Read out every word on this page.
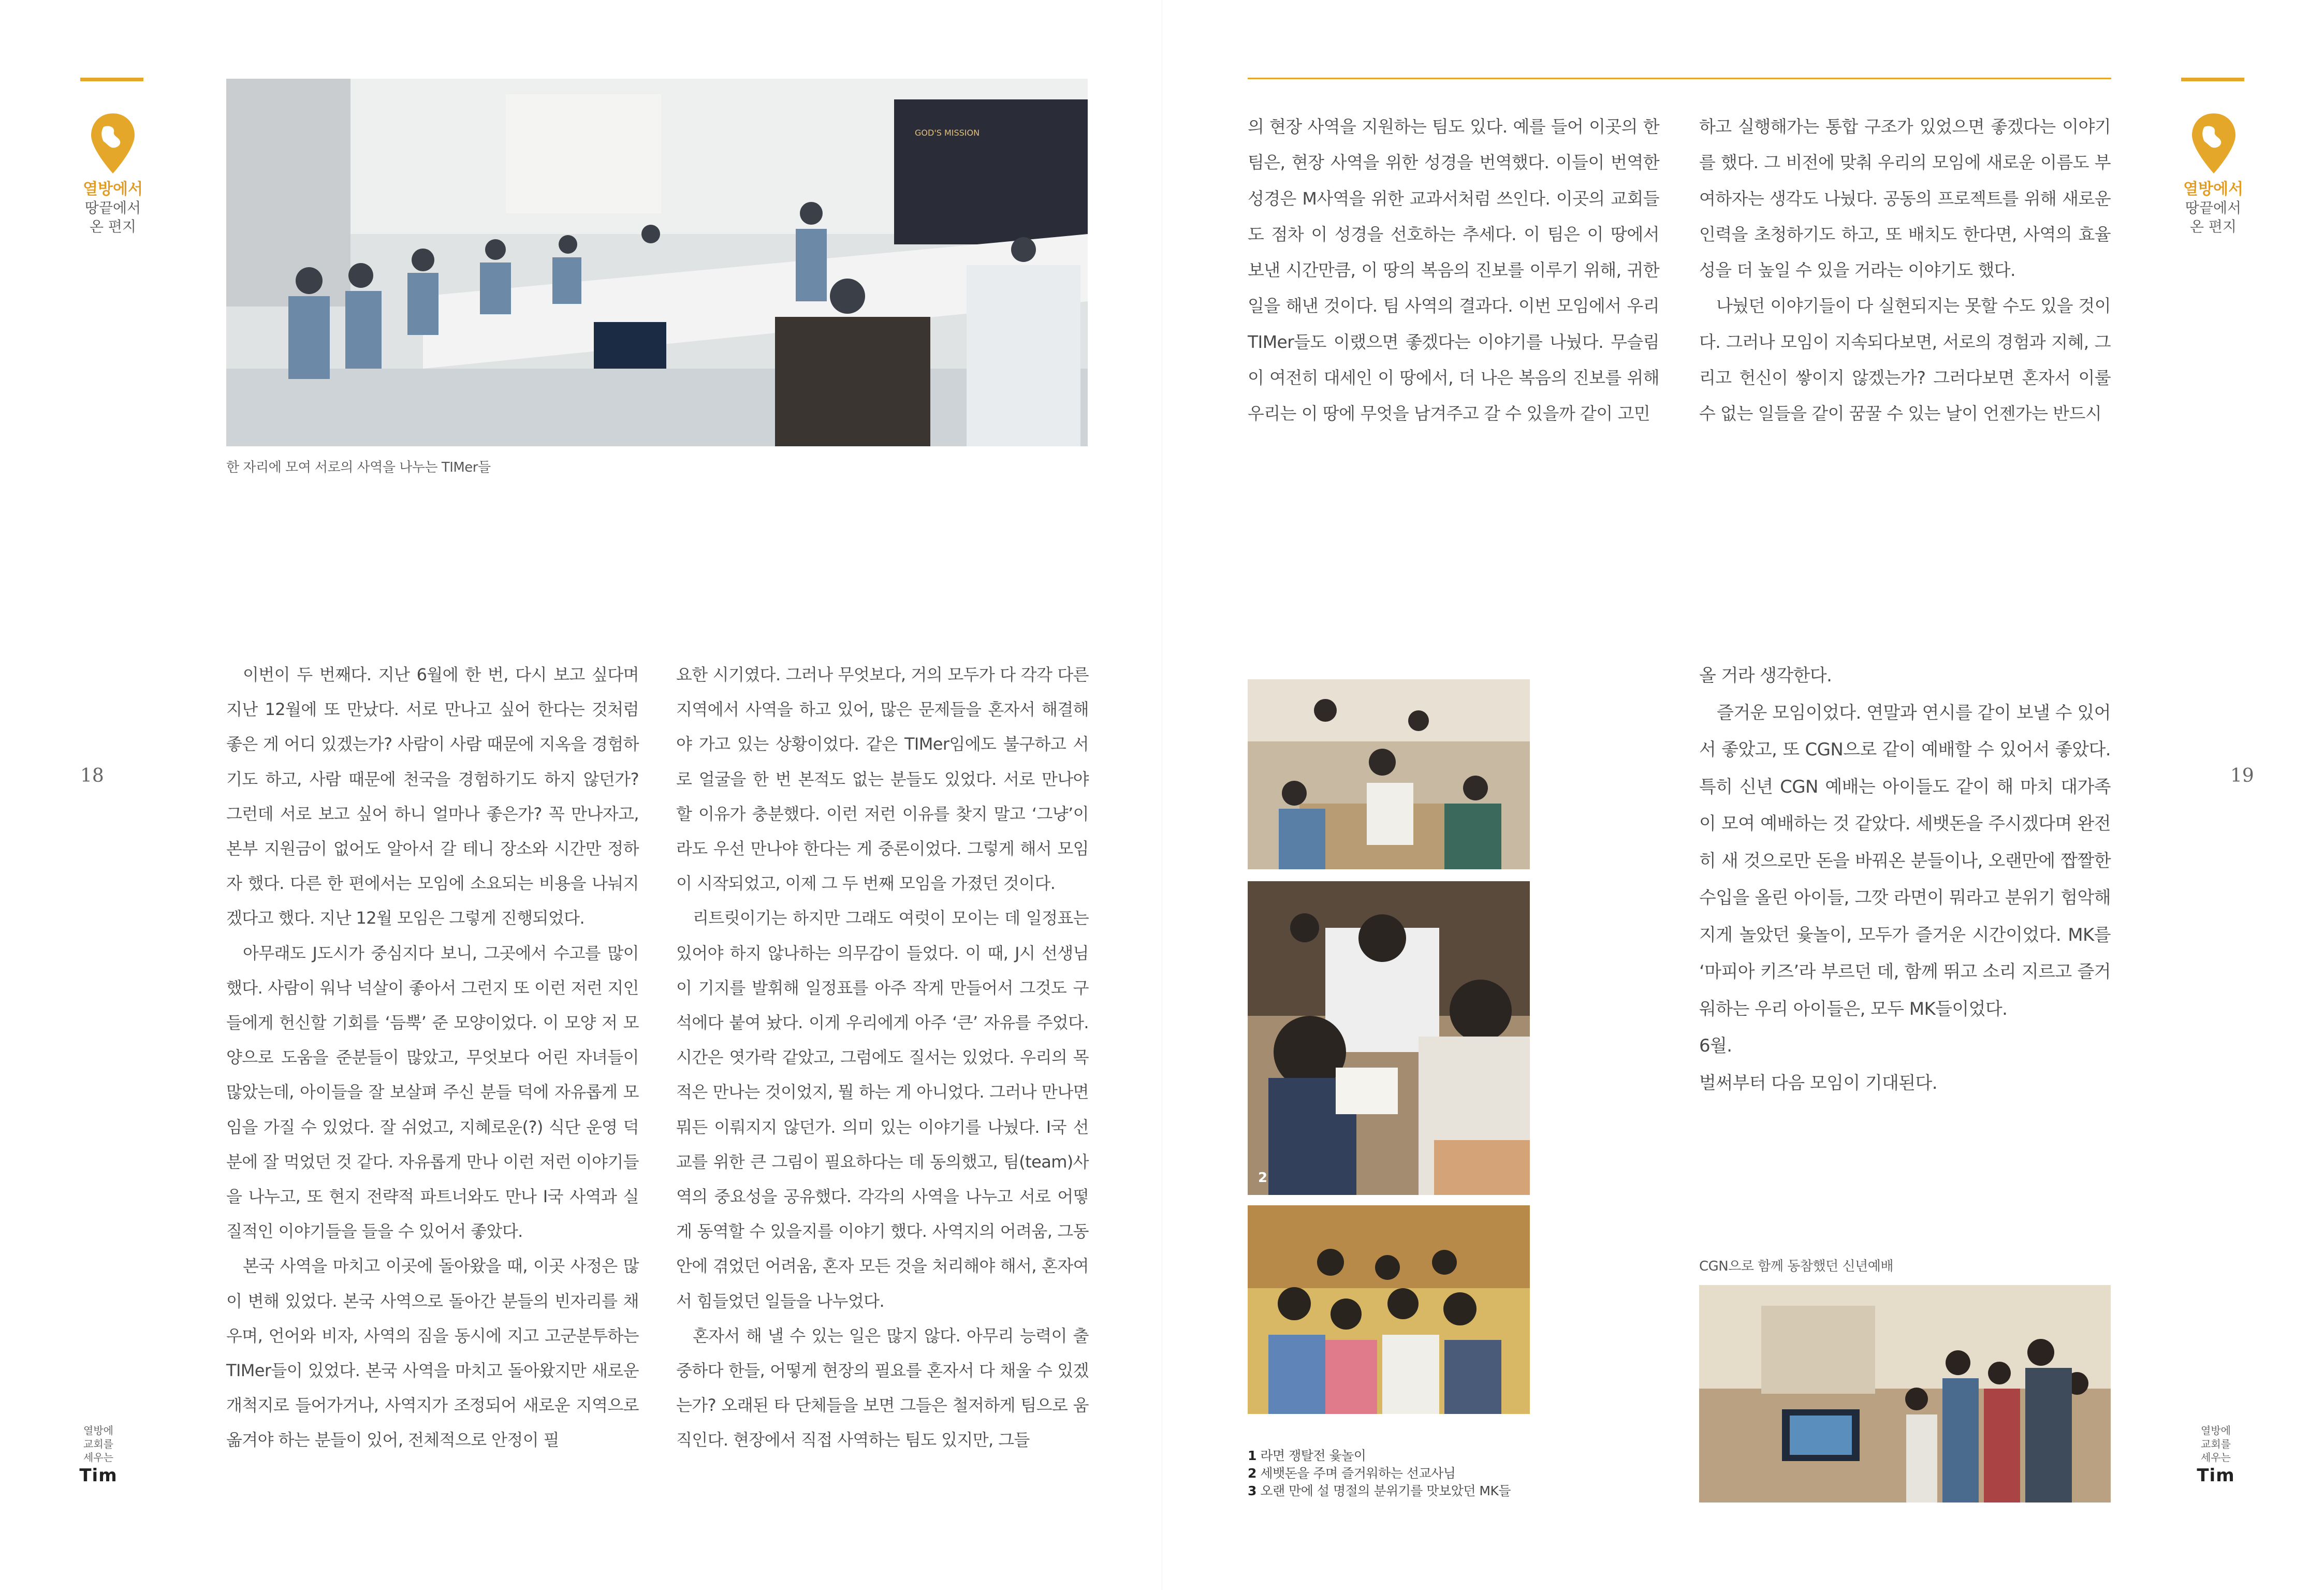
열방에서
땅끝에서
온 편지
18
열방에
교회를
세우는
Tim
GOD'S MISSION
한 자리에 모여 서로의 사역을 나누는 TIMer들

이번이 두 번째다. 지난 6월에 한 번, 다시 보고 싶다며 지난 12월에 또 만났다. 서로 만나고 싶어 한다는 것처럼 좋은 게 어디 있겠는가? 사람이 사람 때문에 지옥을 경험하기도 하고, 사람 때문에 천국을 경험하기도 하지 않던가? 그런데 서로 보고 싶어 하니 얼마나 좋은가? 꼭 만나자고, 본부 지원금이 없어도 알아서 갈 테니 장소와 시간만 정하자 했다. 다른 한 편에서는 모임에 소요되는 비용을 나눠지겠다고 했다. 지난 12월 모임은 그렇게 진행되었다.

아무래도 J도시가 중심지다 보니, 그곳에서 수고를 많이 했다. 사람이 워낙 넉살이 좋아서 그런지 또 이런 저런 지인들에게 헌신할 기회를 ‘듬뿍’ 준 모양이었다. 이 모양 저 모양으로 도움을 준분들이 많았고, 무엇보다 어린 자녀들이 많았는데, 아이들을 잘 보살펴 주신 분들 덕에 자유롭게 모임을 가질 수 있었다. 잘 쉬었고, 지혜로운(?) 식단 운영 덕분에 잘 먹었던 것 같다. 자유롭게 만나 이런 저런 이야기들을 나누고, 또 현지 전략적 파트너와도 만나 I국 사역과 실질적인 이야기들을 들을 수 있어서 좋았다.

본국 사역을 마치고 이곳에 돌아왔을 때, 이곳 사정은 많이 변해 있었다. 본국 사역으로 돌아간 분들의 빈자리를 채우며, 언어와 비자, 사역의 짐을 동시에 지고 고군분투하는 TIMer들이 있었다. 본국 사역을 마치고 돌아왔지만 새로운 개척지로 들어가거나, 사역지가 조정되어 새로운 지역으로 옮겨야 하는 분들이 있어, 전체적으로 안정이 필

요한 시기였다. 그러나 무엇보다, 거의 모두가 다 각각 다른 지역에서 사역을 하고 있어, 많은 문제들을 혼자서 해결해야 가고 있는 상황이었다. 같은 TIMer임에도 불구하고 서로 얼굴을 한 번 본적도 없는 분들도 있었다. 서로 만나야 할 이유가 충분했다. 이런 저런 이유를 찾지 말고 ‘그냥’이라도 우선 만나야 한다는 게 중론이었다. 그렇게 해서 모임이 시작되었고, 이제 그 두 번째 모임을 가졌던 것이다.

리트릿이기는 하지만 그래도 여럿이 모이는 데 일정표는 있어야 하지 않나하는 의무감이 들었다. 이 때, J시 선생님이 기지를 발휘해 일정표를 아주 작게 만들어서 그것도 구석에다 붙여 놨다. 이게 우리에게 아주 ‘큰’ 자유를 주었다. 시간은 엿가락 같았고, 그럼에도 질서는 있었다. 우리의 목적은 만나는 것이었지, 뭘 하는 게 아니었다. 그러나 만나면 뭐든 이뤄지지 않던가. 의미 있는 이야기를 나눴다. I국 선교를 위한 큰 그림이 필요하다는 데 동의했고, 팀(team)사역의 중요성을 공유했다. 각각의 사역을 나누고 서로 어떻게 동역할 수 있을지를 이야기 했다. 사역지의 어려움, 그동안에 겪었던 어려움, 혼자 모든 것을 처리해야 해서, 혼자여서 힘들었던 일들을 나누었다.

혼자서 해 낼 수 있는 일은 많지 않다. 아무리 능력이 출중하다 한들, 어떻게 현장의 필요를 혼자서 다 채울 수 있겠는가? 오래된 타 단체들을 보면 그들은 철저하게 팀으로 움직인다. 현장에서 직접 사역하는 팀도 있지만, 그들

열방에서
땅끝에서
온 편지
19
열방에
교회를
세우는
Tim

의 현장 사역을 지원하는 팀도 있다. 예를 들어 이곳의 한 팀은, 현장 사역을 위한 성경을 번역했다. 이들이 번역한 성경은 M사역을 위한 교과서처럼 쓰인다. 이곳의 교회들도 점차 이 성경을 선호하는 추세다. 이 팀은 이 땅에서 보낸 시간만큼, 이 땅의 복음의 진보를 이루기 위해, 귀한 일을 해낸 것이다. 팀 사역의 결과다. 이번 모임에서 우리 TIMer들도 이랬으면 좋겠다는 이야기를 나눴다. 무슬림이 여전히 대세인 이 땅에서, 더 나은 복음의 진보를 위해 우리는 이 땅에 무엇을 남겨주고 갈 수 있을까 같이 고민

하고 실행해가는 통합 구조가 있었으면 좋겠다는 이야기를 했다. 그 비전에 맞춰 우리의 모임에 새로운 이름도 부여하자는 생각도 나눴다. 공동의 프로젝트를 위해 새로운 인력을 초청하기도 하고, 또 배치도 한다면, 사역의 효율성을 더 높일 수 있을 거라는 이야기도 했다.

나눴던 이야기들이 다 실현되지는 못할 수도 있을 것이다. 그러나 모임이 지속되다보면, 서로의 경험과 지혜, 그리고 헌신이 쌓이지 않겠는가? 그러다보면 혼자서 이룰 수 없는 일들을 같이 꿈꿀 수 있는 날이 언젠가는 반드시

2
1 라면 쟁탈전 윷놀이
2 세뱃돈을 주며 즐거워하는 선교사님
3 오랜 만에 설 명절의 분위기를 맛보았던 MK들

올 거라 생각한다.

즐거운 모임이었다. 연말과 연시를 같이 보낼 수 있어서 좋았고, 또 CGN으로 같이 예배할 수 있어서 좋았다. 특히 신년 CGN 예배는 아이들도 같이 해 마치 대가족이 모여 예배하는 것 같았다. 세뱃돈을 주시겠다며 완전히 새 것으로만 돈을 바꿔온 분들이나, 오랜만에 짭짤한 수입을 올린 아이들, 그깟 라면이 뭐라고 분위기 험악해지게 놀았던 윷놀이, 모두가 즐거운 시간이었다. MK를 ‘마피아 키즈’라 부르던 데, 함께 뛰고 소리 지르고 즐거워하는 우리 아이들은, 모두 MK들이었다.

6월.

벌써부터 다음 모임이 기대된다.

CGN으로 함께 동참했던 신년예배
